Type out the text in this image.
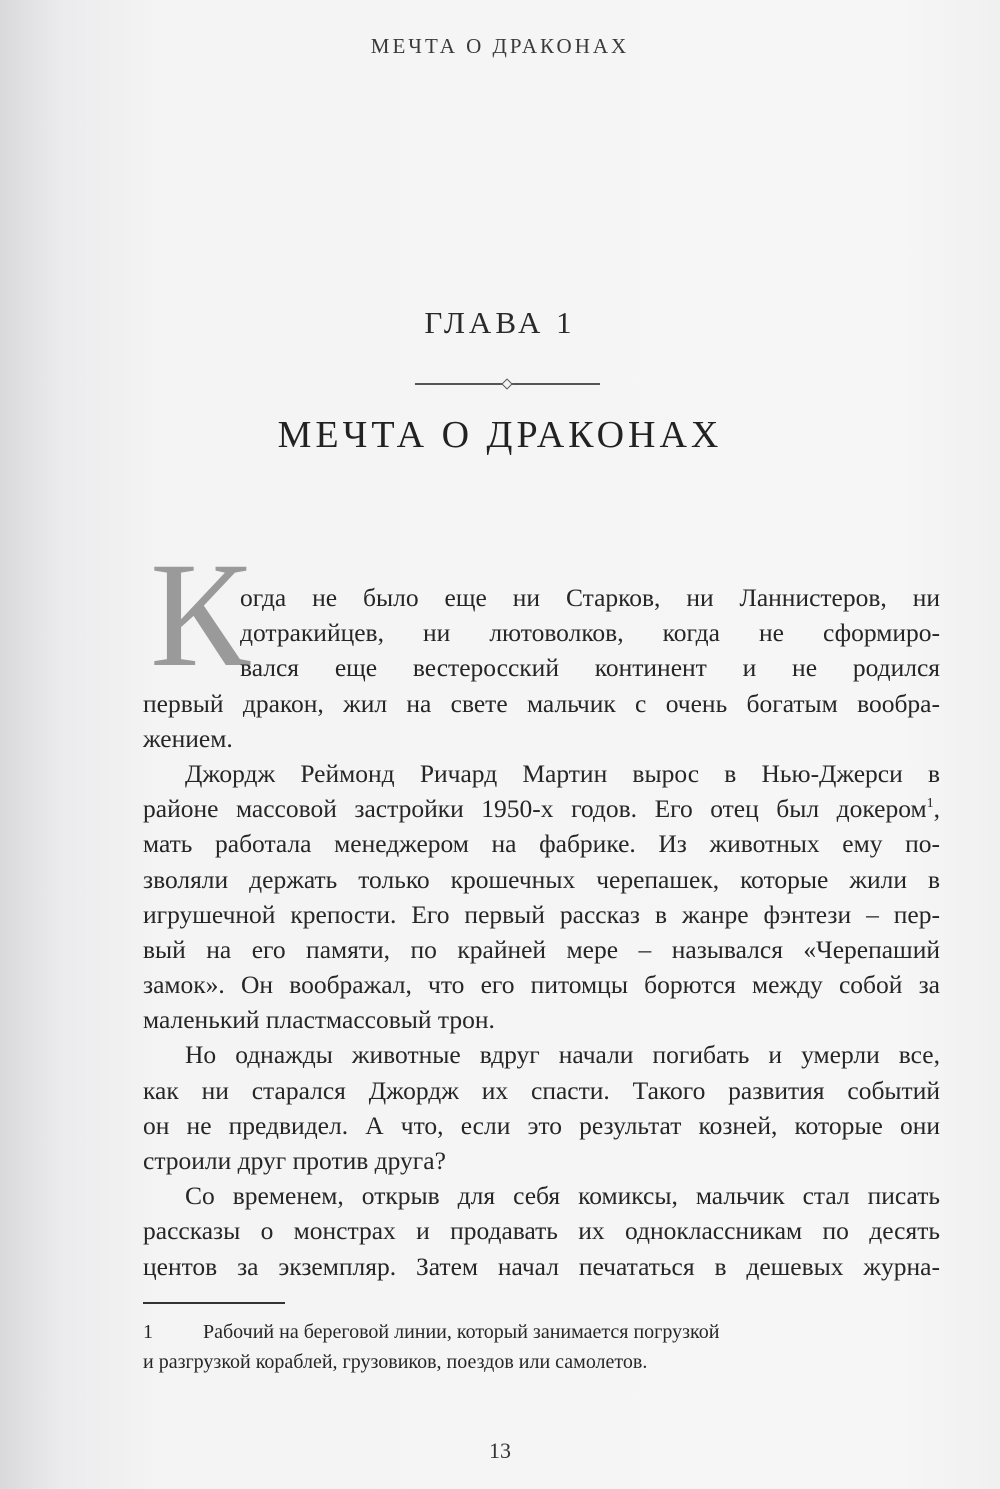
МЕЧТА О ДРАКОНАХ
ГЛАВА 1
МЕЧТА О ДРАКОНАХ
К
огда не было еще ни Старков, ни Ланнистеров, ни
дотракийцев, ни лютоволков, когда не сформиро-
вался еще вестеросский континент и не родился
первый дракон, жил на свете мальчик с очень богатым вообра-
жением.
Джордж Реймонд Ричард Мартин вырос в Нью-Джерси в
районе массовой застройки 1950-х годов. Его отец был докером$^1$,
мать работала менеджером на фабрике. Из животных ему по-
зволяли держать только крошечных черепашек, которые жили в
игрушечной крепости. Его первый рассказ в жанре фэнтези – пер-
вый на его памяти, по крайней мере – назывался «Черепаший
замок». Он воображал, что его питомцы борются между собой за
маленький пластмассовый трон.
Но однажды животные вдруг начали погибать и умерли все,
как ни старался Джордж их спасти. Такого развития событий
он не предвидел. А что, если это результат козней, которые они
строили друг против друга?
Со временем, открыв для себя комиксы, мальчик стал писать
рассказы о монстрах и продавать их одноклассникам по десять
центов за экземпляр. Затем начал печататься в дешевых журна-
1	Рабочий на береговой линии, который занимается погрузкой
и разгрузкой кораблей, грузовиков, поездов или самолетов.
13
